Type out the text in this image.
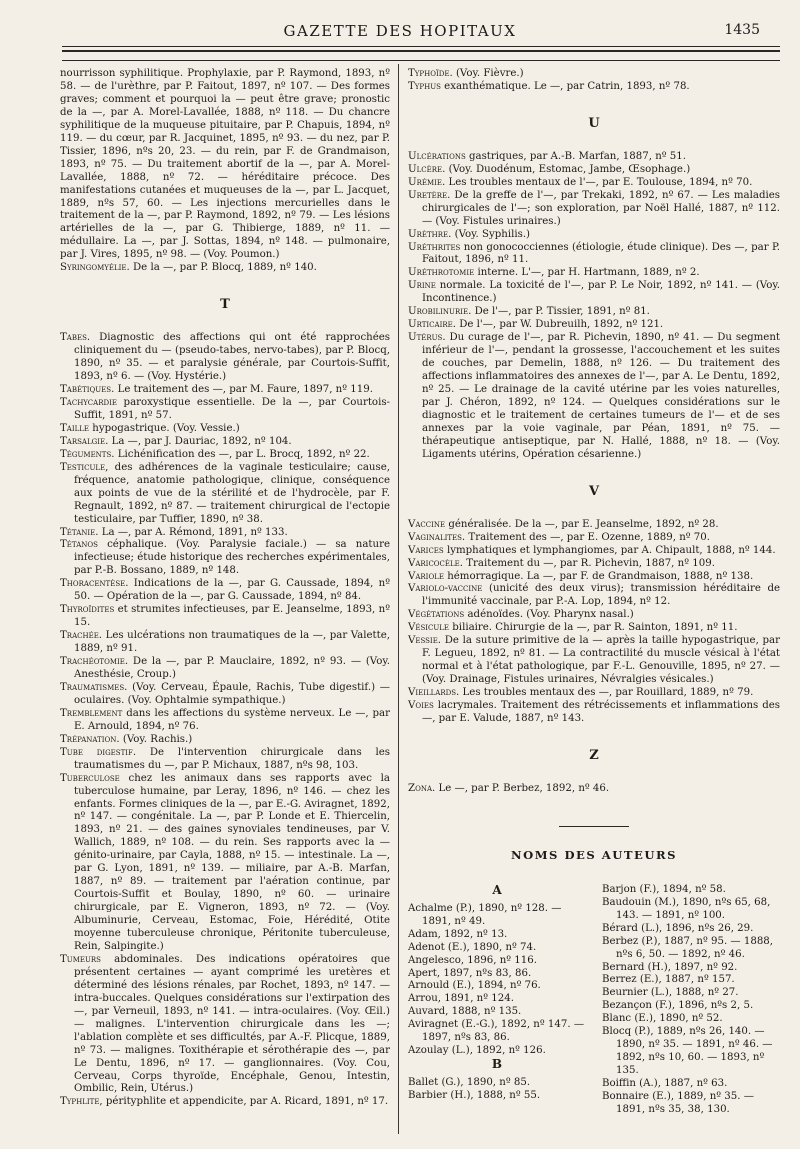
GAZETTE DES HOPITAUX	1435

nourrisson syphilitique. Prophylaxie, par P. Raymond, 1893, nº 58. — de l'urèthre, par P. Faitout, 1897, nº 107. — Des formes graves; comment et pourquoi la — peut être grave; pronostic de la —, par A. Morel-Lavallée, 1888, nº 118. — Du chancre syphilitique de la muqueuse pituitaire, par P. Chapuis, 1894, nº 119. — du cœur, par R. Jacquinet, 1895, nº 93. — du nez, par P. Tissier, 1896, nºs 20, 23. — du rein, par F. de Grandmaison, 1893, nº 75. — Du traitement abortif de la —, par A. Morel-Lavallée, 1888, nº 72. — héréditaire précoce. Des manifestations cutanées et muqueuses de la —, par L. Jacquet, 1889, nºs 57, 60. — Les injections mercurielles dans le traitement de la —, par P. Raymond, 1892, nº 79. — Les lésions artérielles de la —, par G. Thibierge, 1889, nº 11. — médullaire. La —, par J. Sottas, 1894, nº 148. — pulmonaire, par J. Vires, 1895, nº 98. — (Voy. Poumon.)

Syringomyélie. De la —, par P. Blocq, 1889, nº 140.

T

Tabes. Diagnostic des affections qui ont été rapprochées cliniquement du — (pseudo-tabes, nervo-tabes), par P. Blocq, 1890, nº 35. — et paralysie générale, par Courtois-Suffit, 1893, nº 6. — (Voy. Hystérie.)

Tabétiques. Le traitement des —, par M. Faure, 1897, nº 119.

Tachycardie paroxystique essentielle. De la —, par Courtois-Suffit, 1891, nº 57.

Taille hypogastrique. (Voy. Vessie.)

Tarsalgie. La —, par J. Dauriac, 1892, nº 104.

Téguments. Lichénification des —, par L. Brocq, 1892, nº 22.

Testicule, des adhérences de la vaginale testiculaire; cause, fréquence, anatomie pathologique, clinique, conséquence aux points de vue de la stérilité et de l'hydrocèle, par F. Regnault, 1892, nº 87. — traitement chirurgical de l'ectopie testiculaire, par Tuffier, 1890, nº 38.

Tétanie. La —, par A. Rémond, 1891, nº 133.

Tétanos céphalique. (Voy. Paralysie faciale.) — sa nature infectieuse; étude historique des recherches expérimentales, par P.-B. Bossano, 1889, nº 148.

Thoracentèse. Indications de la —, par G. Caussade, 1894, nº 50. — Opération de la —, par G. Caussade, 1894, nº 84.

Thyroïdites et strumites infectieuses, par E. Jeanselme, 1893, nº 15.

Trachée. Les ulcérations non traumatiques de la —, par Valette, 1889, nº 91.

Trachéotomie. De la —, par P. Mauclaire, 1892, nº 93. — (Voy. Anesthésie, Croup.)

Traumatismes. (Voy. Cerveau, Épaule, Rachis, Tube digestif.) — oculaires. (Voy. Ophtalmie sympathique.)

Tremblement dans les affections du système nerveux. Le —, par E. Arnould, 1894, nº 76.

Trépanation. (Voy. Rachis.)

Tube digestif. De l'intervention chirurgicale dans les traumatismes du —, par P. Michaux, 1887, nºs 98, 103.

Tuberculose chez les animaux dans ses rapports avec la tuberculose humaine, par Leray, 1896, nº 146. — chez les enfants. Formes cliniques de la —, par E.-G. Aviragnet, 1892, nº 147. — congénitale. La —, par P. Londe et E. Thiercelin, 1893, nº 21. — des gaines synoviales tendineuses, par V. Wallich, 1889, nº 108. — du rein. Ses rapports avec la — génito-urinaire, par Cayla, 1888, nº 15. — intestinale. La —, par G. Lyon, 1891, nº 139. — miliaire, par A.-B. Marfan, 1887, nº 89. — traitement par l'aération continue, par Courtois-Suffit et Boulay, 1890, nº 60. — urinaire chirurgicale, par E. Vigneron, 1893, nº 72. — (Voy. Albuminurie, Cerveau, Estomac, Foie, Hérédité, Otite moyenne tuberculeuse chronique, Péritonite tuberculeuse, Rein, Salpingite.)

Tumeurs abdominales. Des indications opératoires que présentent certaines — ayant comprimé les uretères et déterminé des lésions rénales, par Rochet, 1893, nº 147. — intra-buccales. Quelques considérations sur l'extirpation des —, par Verneuil, 1893, nº 141. — intra-oculaires. (Voy. Œil.) — malignes. L'intervention chirurgicale dans les —; l'ablation complète et ses difficultés, par A.-F. Plicque, 1889, nº 73. — malignes. Toxithérapie et sérothérapie des —, par Le Dentu, 1896, nº 17. — ganglionnaires. (Voy. Cou, Cerveau, Corps thyroïde, Encéphale, Genou, Intestin, Ombilic, Rein, Utérus.)

Typhlite, pérityphlite et appendicite, par A. Ricard, 1891, nº 17.

Typhoïde. (Voy. Fièvre.)

Typhus exanthématique. Le —, par Catrin, 1893, nº 78.

U

Ulcérations gastriques, par A.-B. Marfan, 1887, nº 51.

Ulcère. (Voy. Duodénum, Estomac, Jambe, Œsophage.)

Urémie. Les troubles mentaux de l'—, par E. Toulouse, 1894, nº 70.

Uretère. De la greffe de l'—, par Trekaki, 1892, nº 67. — Les maladies chirurgicales de l'—; son exploration, par Noël Hallé, 1887, nº 112. — (Voy. Fistules urinaires.)

Urèthre. (Voy. Syphilis.)

Uréthrites non gonococciennes (étiologie, étude clinique). Des —, par P. Faitout, 1896, nº 11.

Uréthrotomie interne. L'—, par H. Hartmann, 1889, nº 2.

Urine normale. La toxicité de l'—, par P. Le Noir, 1892, nº 141. — (Voy. Incontinence.)

Urobilinurie. De l'—, par P. Tissier, 1891, nº 81.

Urticaire. De l'—, par W. Dubreuilh, 1892, nº 121.

Utérus. Du curage de l'—, par R. Pichevin, 1890, nº 41. — Du segment inférieur de l'—, pendant la grossesse, l'accouchement et les suites de couches, par Demelin, 1888, nº 126. — Du traitement des affections inflammatoires des annexes de l'—, par A. Le Dentu, 1892, nº 25. — Le drainage de la cavité utérine par les voies naturelles, par J. Chéron, 1892, nº 124. — Quelques considérations sur le diagnostic et le traitement de certaines tumeurs de l'— et de ses annexes par la voie vaginale, par Péan, 1891, nº 75. — thérapeutique antiseptique, par N. Hallé, 1888, nº 18. — (Voy. Ligaments utérins, Opération césarienne.)

V

Vaccine généralisée. De la —, par E. Jeanselme, 1892, nº 28.

Vaginalites. Traitement des —, par E. Ozenne, 1889, nº 70.

Varices lymphatiques et lymphangiomes, par A. Chipault, 1888, nº 144.

Varicocèle. Traitement du —, par R. Pichevin, 1887, nº 109.

Variole hémorragique. La —, par F. de Grandmaison, 1888, nº 138.

Variolo-vaccine (unicité des deux virus); transmission héréditaire de l'immunité vaccinale, par P.-A. Lop, 1894, nº 12.

Végétations adénoïdes. (Voy. Pharynx nasal.)

Vésicule biliaire. Chirurgie de la —, par R. Sainton, 1891, nº 11.

Vessie. De la suture primitive de la — après la taille hypogastrique, par F. Legueu, 1892, nº 81. — La contractilité du muscle vésical à l'état normal et à l'état pathologique, par F.-L. Genouville, 1895, nº 27. — (Voy. Drainage, Fistules urinaires, Névralgies vésicales.)

Vieillards. Les troubles mentaux des —, par Rouillard, 1889, nº 79.

Voies lacrymales. Traitement des rétrécissements et inflammations des —, par E. Valude, 1887, nº 143.

Z

Zona. Le —, par P. Berbez, 1892, nº 46.

NOMS DES AUTEURS
A

Achalme (P.), 1890, nº 128. — 1891, nº 49.

Adam, 1892, nº 13.

Adenot (E.), 1890, nº 74.

Angelesco, 1896, nº 116.

Apert, 1897, nºs 83, 86.

Arnould (E.), 1894, nº 76.

Arrou, 1891, nº 124.

Auvard, 1888, nº 135.

Aviragnet (E.-G.), 1892, nº 147. — 1897, nºs 83, 86.

Azoulay (L.), 1892, nº 126.

B

Ballet (G.), 1890, nº 85.

Barbier (H.), 1888, nº 55.

Barjon (F.), 1894, nº 58.

Baudouin (M.), 1890, nºs 65, 68, 143. — 1891, nº 100.

Bérard (L.), 1896, nºs 26, 29.

Berbez (P.), 1887, nº 95. — 1888, nºs 6, 50. — 1892, nº 46.

Bernard (H.), 1897, nº 92.

Berrez (E.), 1887, nº 157.

Beurnier (L.), 1888, nº 27.

Bezançon (F.), 1896, nºs 2, 5.

Blanc (E.), 1890, nº 52.

Blocq (P.), 1889, nºs 26, 140. — 1890, nº 35. — 1891, nº 46. — 1892, nºs 10, 60. — 1893, nº 135.

Boiffin (A.), 1887, nº 63.

Bonnaire (E.), 1889, nº 35. — 1891, nºs 35, 38, 130.
